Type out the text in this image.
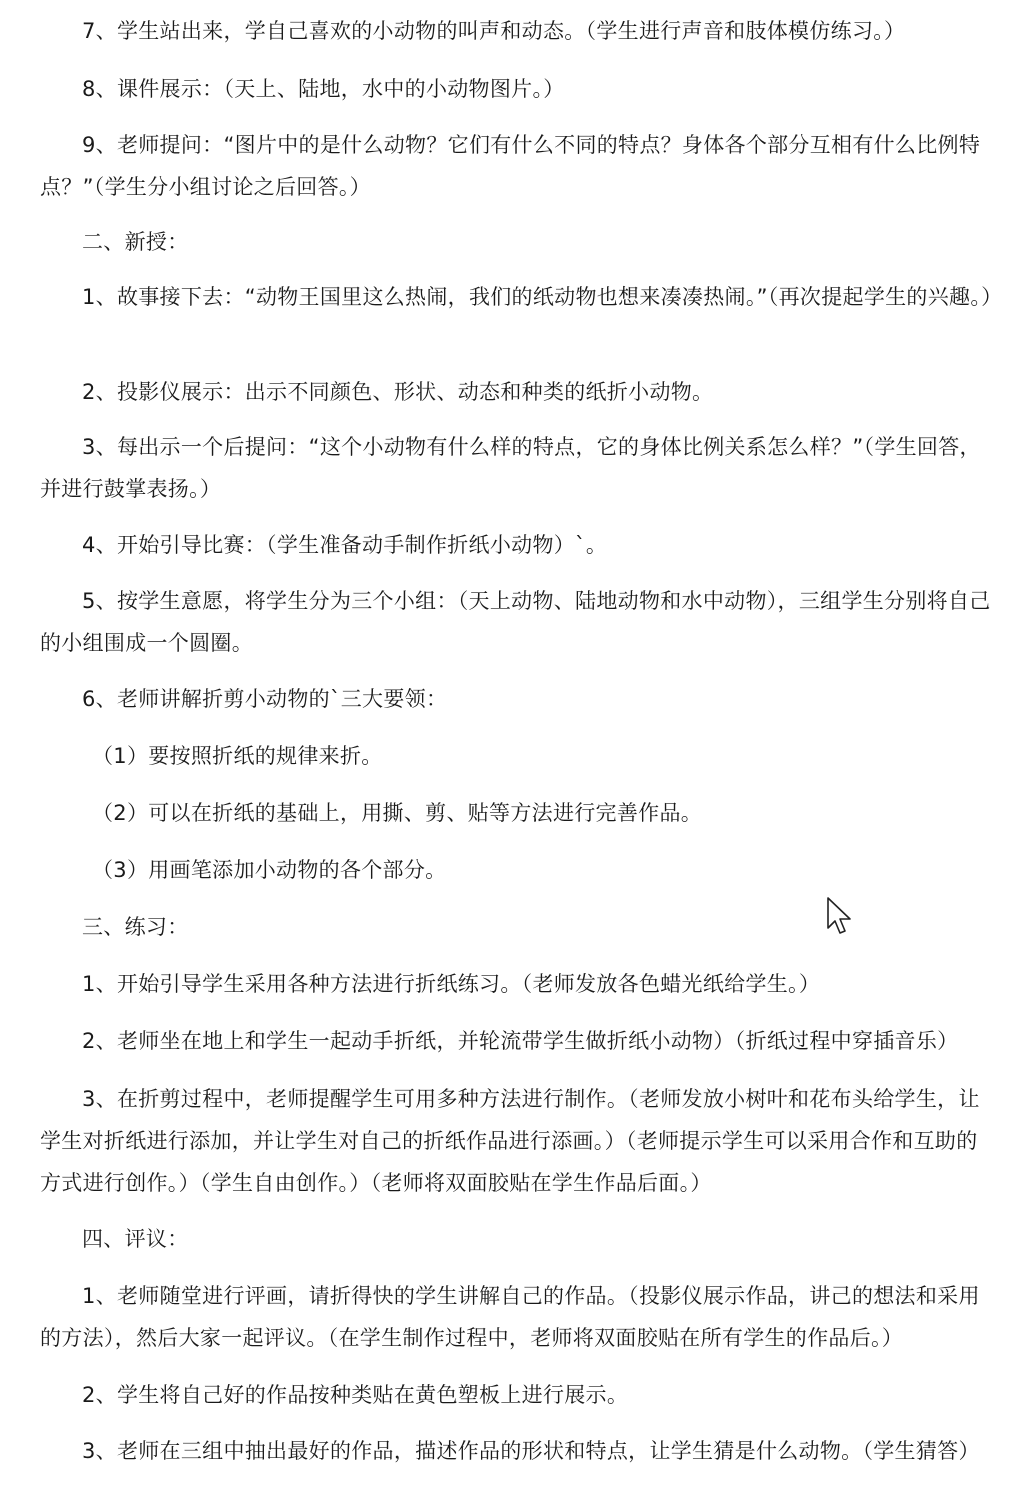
7、学生站出来，学自己喜欢的小动物的叫声和动态。（学生进行声音和肢体模仿练习。）

8、课件展示：（天上、陆地，水中的小动物图片。）

9、老师提问：“图片中的是什么动物？它们有什么不同的特点？身体各个部分互相有什么比例特点？”（学生分小组讨论之后回答。）

二、新授：

1、故事接下去：“动物王国里这么热闹，我们的纸动物也想来凑凑热闹。”（再次提起学生的兴趣。）

2、投影仪展示：出示不同颜色、形状、动态和种类的纸折小动物。

3、每出示一个后提问：“这个小动物有什么样的特点，它的身体比例关系怎么样？”（学生回答，并进行鼓掌表扬。）

4、开始引导比赛：（学生准备动手制作折纸小动物）`。

5、按学生意愿，将学生分为三个小组：（天上动物、陆地动物和水中动物），三组学生分别将自己的小组围成一个圆圈。

6、老师讲解折剪小动物的`三大要领：

（1）要按照折纸的规律来折。

（2）可以在折纸的基础上，用撕、剪、贴等方法进行完善作品。

（3）用画笔添加小动物的各个部分。

三、练习：

1、开始引导学生采用各种方法进行折纸练习。（老师发放各色蜡光纸给学生。）

2、老师坐在地上和学生一起动手折纸，并轮流带学生做折纸小动物）（折纸过程中穿插音乐）

3、在折剪过程中，老师提醒学生可用多种方法进行制作。（老师发放小树叶和花布头给学生，让学生对折纸进行添加，并让学生对自己的折纸作品进行添画。）（老师提示学生可以采用合作和互助的方式进行创作。）（学生自由创作。）（老师将双面胶贴在学生作品后面。）

四、评议：

1、老师随堂进行评画，请折得快的学生讲解自己的作品。（投影仪展示作品，讲己的想法和采用的方法），然后大家一起评议。（在学生制作过程中，老师将双面胶贴在所有学生的作品后。）

2、学生将自己好的作品按种类贴在黄色塑板上进行展示。

3、老师在三组中抽出最好的作品，描述作品的形状和特点，让学生猜是什么动物。（学生猜答）
